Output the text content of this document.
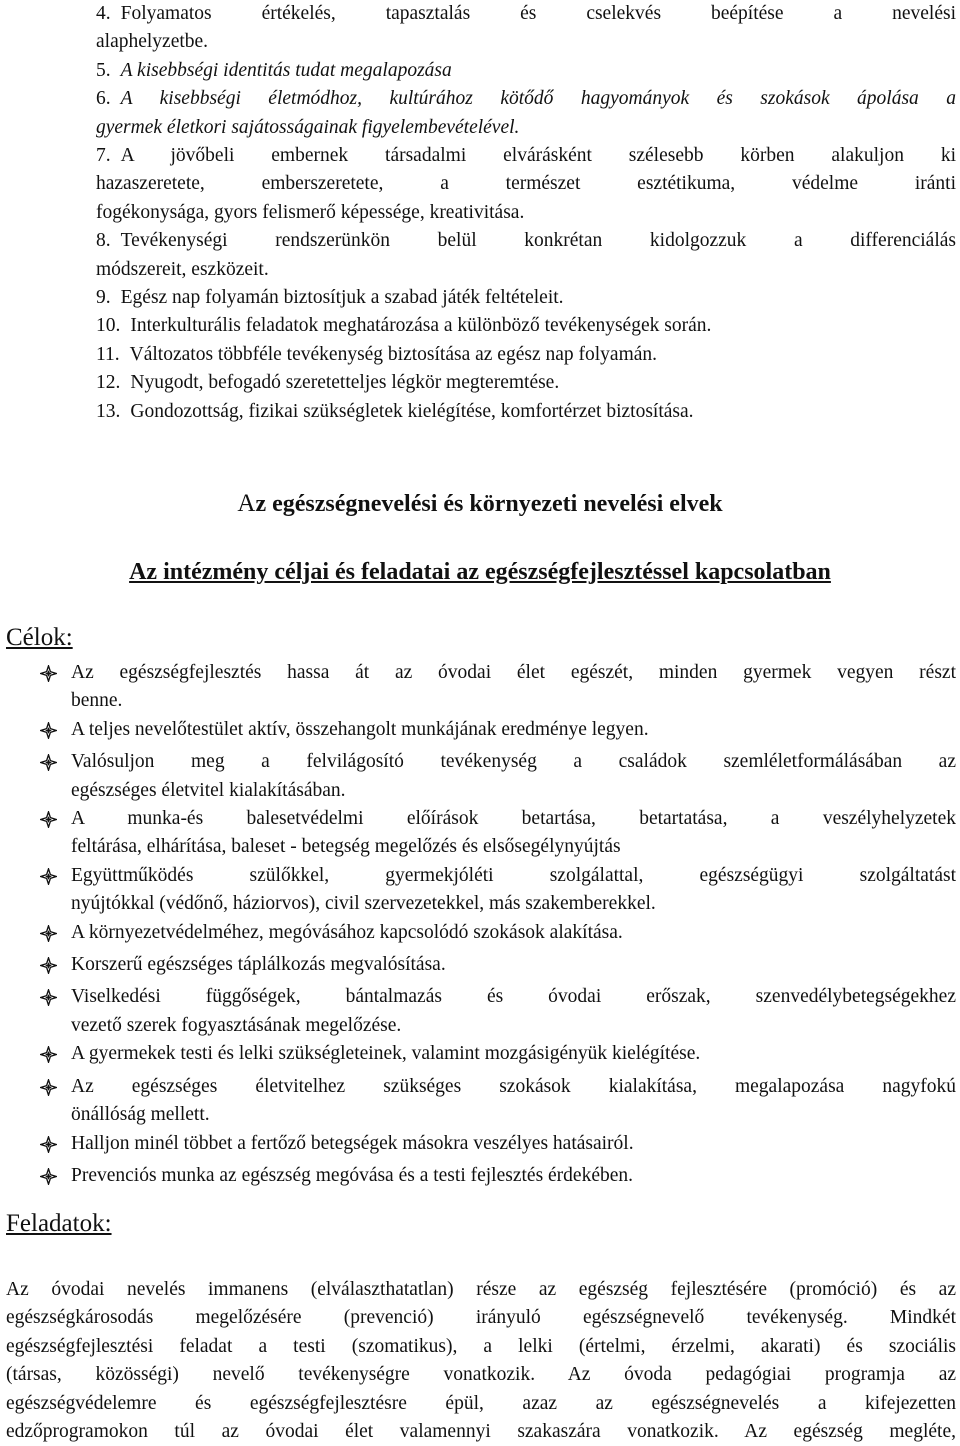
4. Folyamatos értékelés, tapasztalás és cselekvés beépítése a nevelési
alaphelyzetbe.
5. A kisebbségi identitás tudat megalapozása
6. A kisebbségi életmódhoz, kultúrához kötődő hagyományok és szokások ápolása a
gyermek életkori sajátosságainak figyelembevételével.
7. A jövőbeli embernek társadalmi elvárásként szélesebb körben alakuljon ki
hazaszeretete, emberszeretete, a természet esztétikuma, védelme iránti
fogékonysága, gyors felismerő képessége, kreativitása.
8. Tevékenységi rendszerünkön belül konkrétan kidolgozzuk a differenciálás
módszereit, eszközeit.
9. Egész nap folyamán biztosítjuk a szabad játék feltételeit.
10. Interkulturális feladatok meghatározása a különböző tevékenységek során.
11. Változatos többféle tevékenység biztosítása az egész nap folyamán.
12. Nyugodt, befogadó szeretetteljes légkör megteremtése.
13. Gondozottság, fizikai szükségletek kielégítése, komfortérzet biztosítása.
Az egészségnevelési és környezeti nevelési elvek
Az intézmény céljai és feladatai az egészségfejlesztéssel kapcsolatban
Célok:
Az egészségfejlesztés hassa át az óvodai élet egészét, minden gyermek vegyen részt
benne.
A teljes nevelőtestület aktív, összehangolt munkájának eredménye legyen.
Valósuljon meg a felvilágosító tevékenység a családok szemléletformálásában az
egészséges életvitel kialakításában.
A munka-és balesetvédelmi előírások betartása, betartatása, a veszélyhelyzetek
feltárása, elhárítása, baleset - betegség megelőzés és elsősegélynyújtás
Együttműködés szülőkkel, gyermekjóléti szolgálattal, egészségügyi szolgáltatást
nyújtókkal (védőnő, háziorvos), civil szervezetekkel, más szakemberekkel.
A környezetvédelméhez, megóvásához kapcsolódó szokások alakítása.
Korszerű egészséges táplálkozás megvalósítása.
Viselkedési függőségek, bántalmazás és óvodai erőszak, szenvedélybetegségekhez
vezető szerek fogyasztásának megelőzése.
A gyermekek testi és lelki szükségleteinek, valamint mozgásigényük kielégítése.
Az egészséges életvitelhez szükséges szokások kialakítása, megalapozása nagyfokú
önállóság mellett.
Halljon minél többet a fertőző betegségek másokra veszélyes hatásairól.
Prevenciós munka az egészség megóvása és a testi fejlesztés érdekében.
Feladatok:
Az óvodai nevelés immanens (elválaszthatatlan) része az egészség fejlesztésére (promóció) és az
egészségkárosodás megelőzésére (prevenció) irányuló egészségnevelő tevékenység. Mindkét
egészségfejlesztési feladat a testi (szomatikus), a lelki (értelmi, érzelmi, akarati) és szociális
(társas, közösségi) nevelő tevékenységre vonatkozik. Az óvoda pedagógiai programja az
egészségvédelemre és egészségfejlesztésre épül, azaz az egészségnevelés a kifejezetten
edzőprogramokon túl az óvodai élet valamennyi szakaszára vonatkozik. Az egészség megléte,
